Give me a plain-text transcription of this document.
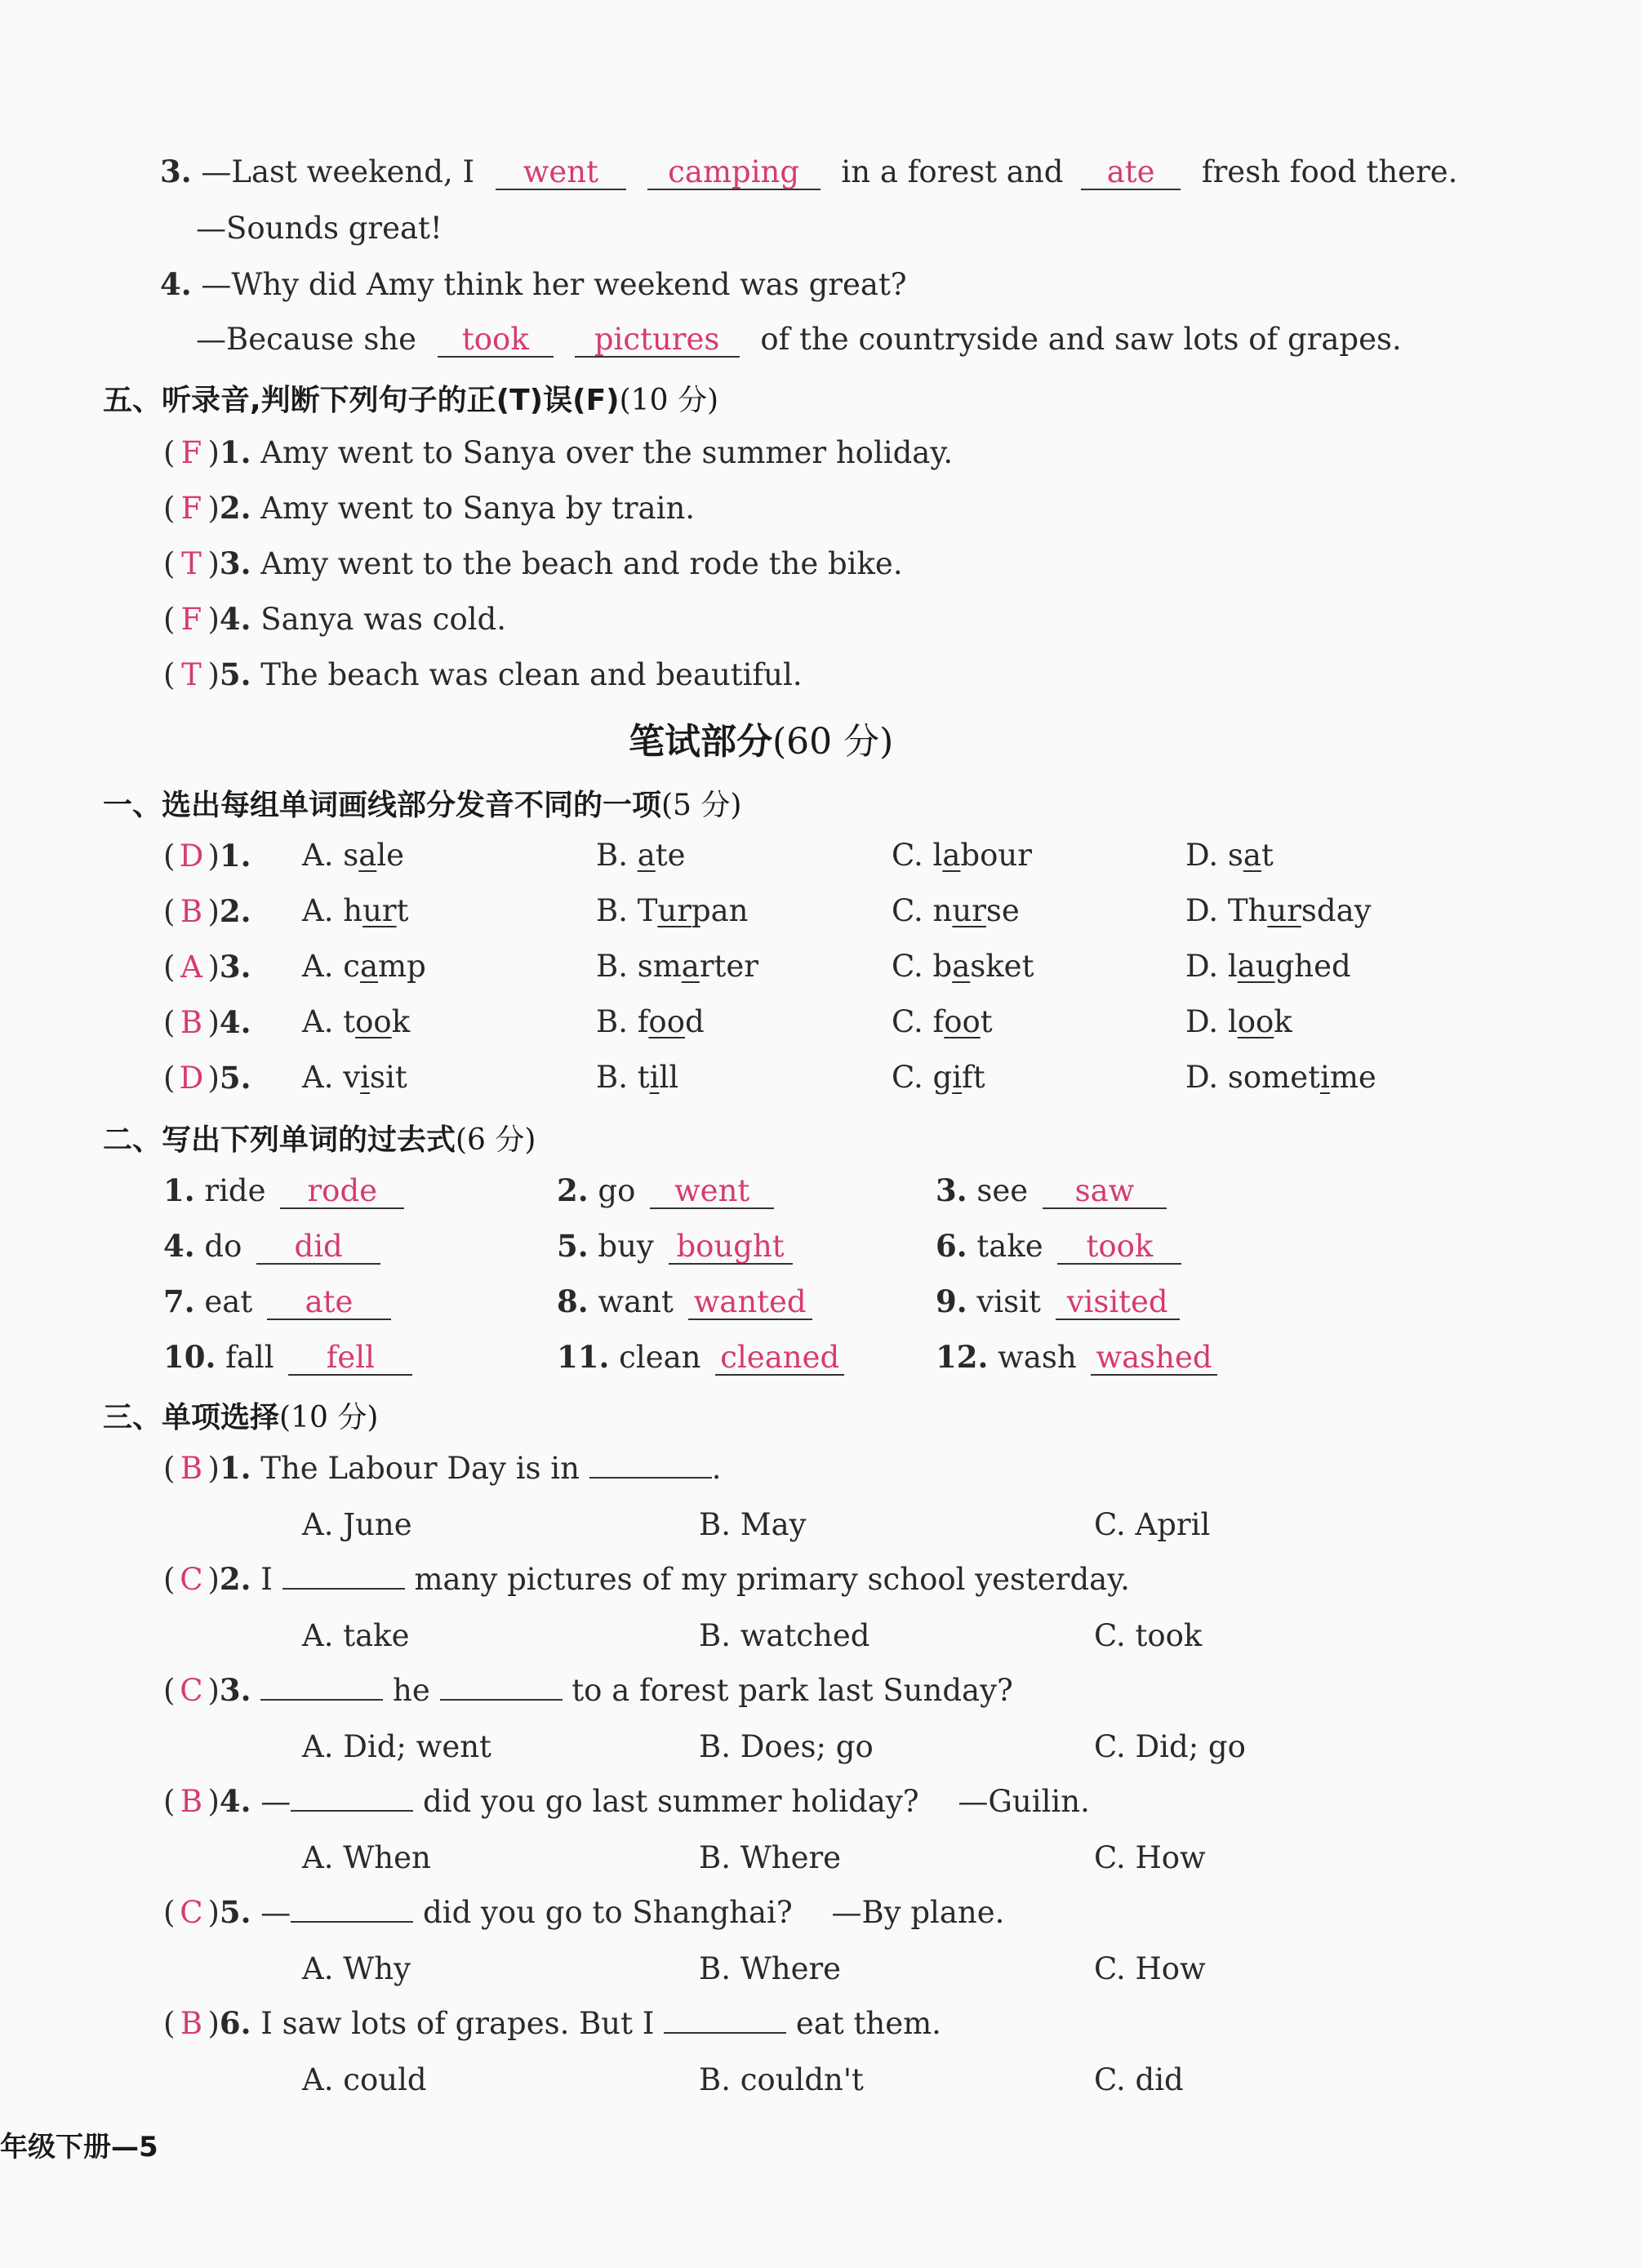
3. —Last weekend, I went camping in a forest and ate fresh food there.
—Sounds great!
4. —Why did Amy think her weekend was great?
—Because she took pictures of the countryside and saw lots of grapes.
五、听录音,判断下列句子的正(T)误(F)(10 分)
( F )1. Amy went to Sanya over the summer holiday.
( F )2. Amy went to Sanya by train.
( T )3. Amy went to the beach and rode the bike.
( F )4. Sanya was cold.
( T )5. The beach was clean and beautiful.
笔试部分(60 分)
一、选出每组单词画线部分发音不同的一项(5 分)
( D )1. A. sale	B. ate	C. labour	D. sat
( B )2. A. hurt	B. Turpan	C. nurse	D. Thursday
( A )3. A. camp	B. smarter	C. basket	D. laughed
( B )4. A. took	B. food	C. foot	D. look
( D )5. A. visit	B. till	C. gift	D. sometime
二、写出下列单词的过去式(6 分)
1. ride rode	2. go went	3. see saw
4. do did	5. buy bought	6. take took
7. eat ate	8. want wanted	9. visit visited
10. fall fell	11. clean cleaned	12. wash washed
三、单项选择(10 分)
( B )1. The Labour Day is in	.
( C )2. I	many pictures of my primary school yesterday.
( C )3.	he	to a forest park last Sunday?
( B )4. —	did you go last summer holiday? —Guilin.
( C )5. —	did you go to Shanghai? —By plane.
( B )6. I saw lots of grapes. But I	eat them.
A. June	B. May	C. April
A. take	B. watched	C. took
A. Did; went	B. Does; go	C. Did; go
A. When	B. Where	C. How
A. Why	B. Where	C. How
A. could	B. couldn't	C. did
年级下册—5
